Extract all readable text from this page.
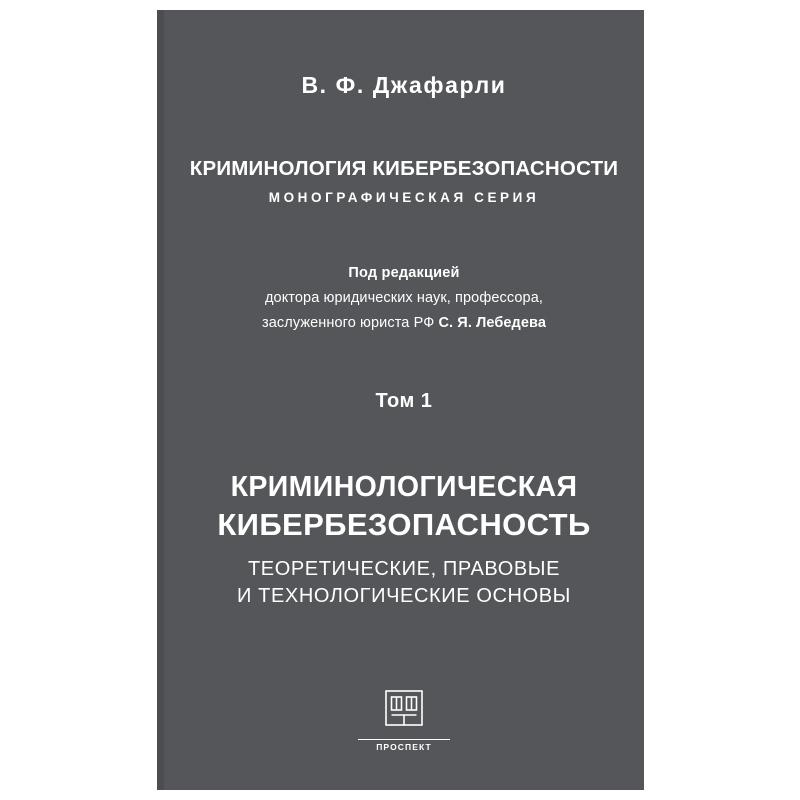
В. Ф. Джафарли
КРИМИНОЛОГИЯ КИБЕРБЕЗОПАСНОСТИ
МОНОГРАФИЧЕСКАЯ СЕРИЯ
Под редакцией
доктора юридических наук, профессора,
заслуженного юриста РФ С. Я. Лебедева
Том 1
КРИМИНОЛОГИЧЕСКАЯ
КИБЕРБЕЗОПАСНОСТЬ
ТЕОРЕТИЧЕСКИЕ, ПРАВОВЫЕ
И ТЕХНОЛОГИЧЕСКИЕ ОСНОВЫ
ПРОСПЕКТ
